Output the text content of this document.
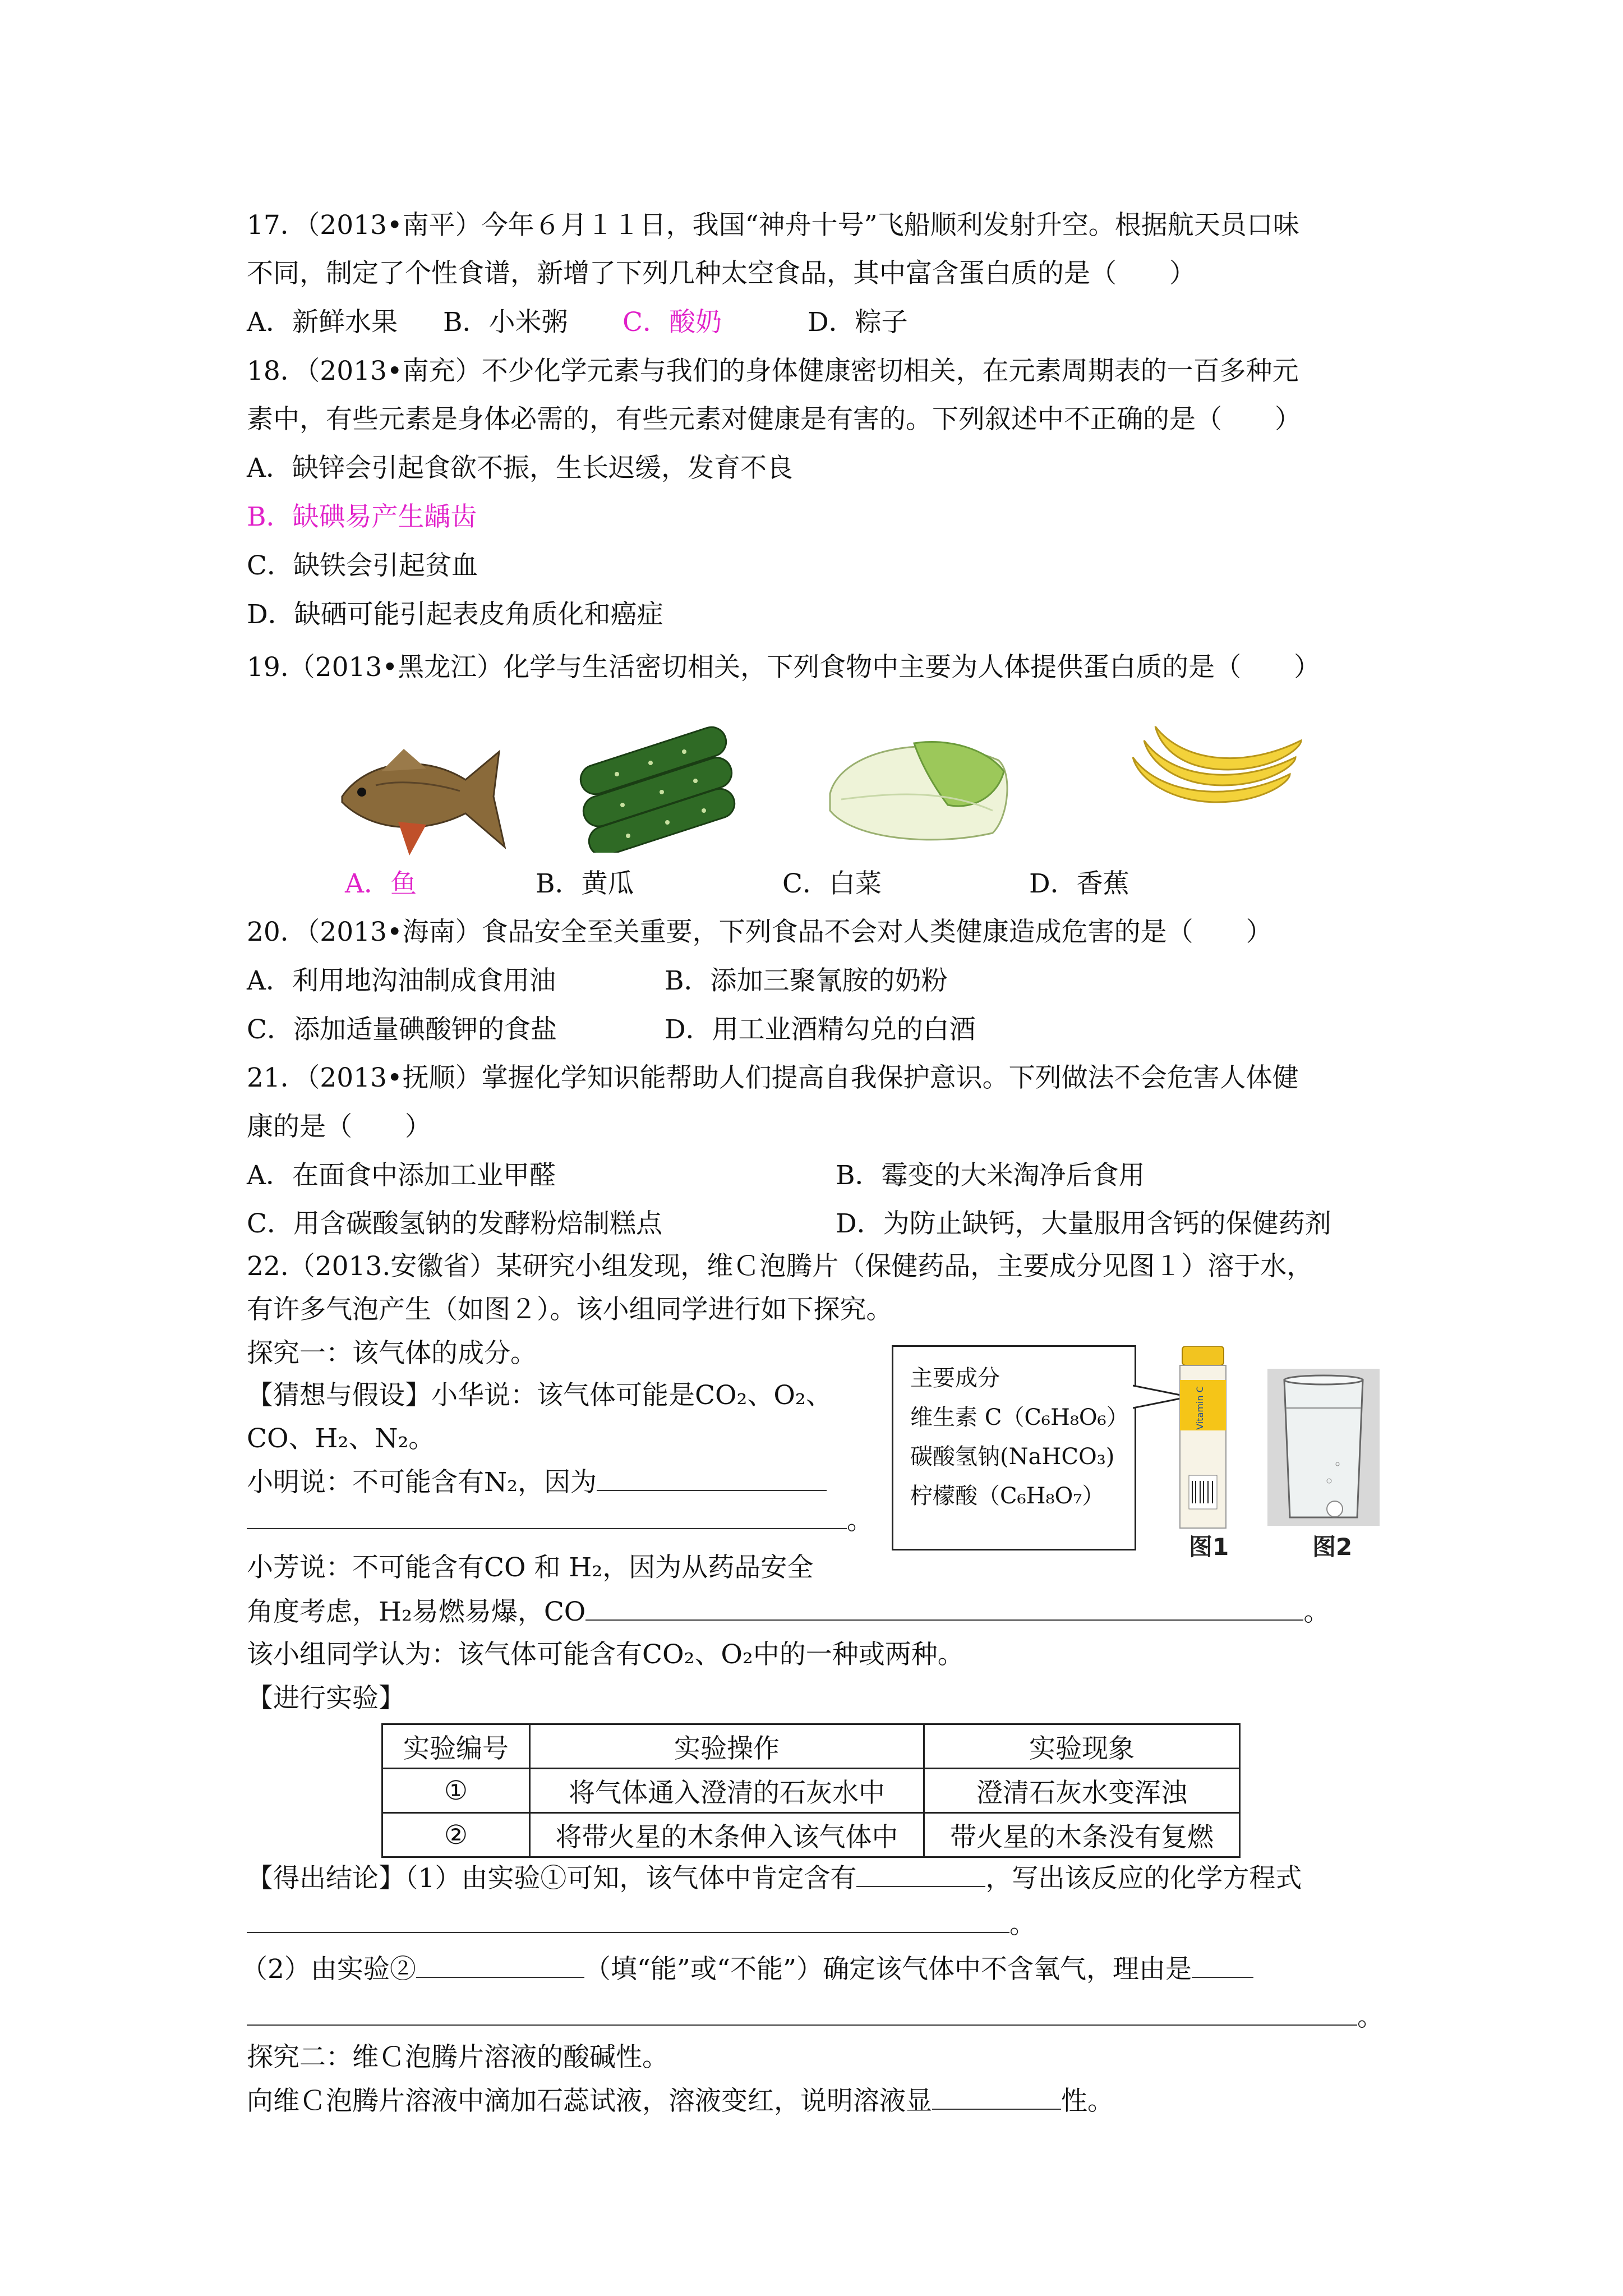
17．（2013•南平）今年６月１１日，我国“神舟十号”飞船顺利发射升空。根据航天员口味
不同，制定了个性食谱，新增了下列几种太空食品，其中富含蛋白质的是（　　）
A．新鲜水果 B．小米粥 C．酸奶	D．粽子
18．（2013•南充）不少化学元素与我们的身体健康密切相关，在元素周期表的一百多种元
素中，有些元素是身体必需的，有些元素对健康是有害的。下列叙述中不正确的是（　　）
A．缺锌会引起食欲不振，生长迟缓，发育不良
B．缺碘易产生龋齿
C．缺铁会引起贫血
D．缺硒可能引起表皮角质化和癌症
19.（2013•黑龙江）化学与生活密切相关，下列食物中主要为人体提供蛋白质的是（　　）
A．鱼	B．黄瓜	C．白菜	D．香蕉
20．（2013•海南）食品安全至关重要，下列食品不会对人类健康造成危害的是（　　）
A．利用地沟油制成食用油	B．添加三聚氰胺的奶粉
C．添加适量碘酸钾的食盐	D．用工业酒精勾兑的白酒
21．（2013•抚顺）掌握化学知识能帮助人们提高自我保护意识。下列做法不会危害人体健
康的是（　　）
A．在面食中添加工业甲醛	B．霉变的大米淘净后食用
C．用含碳酸氢钠的发酵粉焙制糕点	D．为防止缺钙，大量服用含钙的保健药剂
22.（2013.安徽省）某研究小组发现，维Ｃ泡腾片（保健药品，主要成分见图１）溶于水，
有许多气泡产生（如图２）。该小组同学进行如下探究。
探究一：该气体的成分。
【猜想与假设】小华说：该气体可能是CO₂、O₂、
CO、H₂、N₂。
小明说：不可能含有N₂，因为
。
小芳说：不可能含有CO 和 H₂，因为从药品安全
角度考虑，H₂易燃易爆，CO	。
该小组同学认为：该气体可能含有CO₂、O₂中的一种或两种。
【进行实验】
主要成分
维生素 C（C₆H₈O₆）
碳酸氢钠(NaHCO₃)
柠檬酸（C₆H₈O₇）
Vitamin C
图1	图2
实验编号	实验操作	实验现象
①	将气体通入澄清的石灰水中	澄清石灰水变浑浊
②	将带火星的木条伸入该气体中	带火星的木条没有复燃
【得出结论】（1）由实验①可知，该气体中肯定含有	，写出该反应的化学方程式
。
（2）由实验②	（填“能”或“不能”）确定该气体中不含氧气，理由是
。
探究二：维Ｃ泡腾片溶液的酸碱性。
向维Ｃ泡腾片溶液中滴加石蕊试液，溶液变红，说明溶液显	性。
